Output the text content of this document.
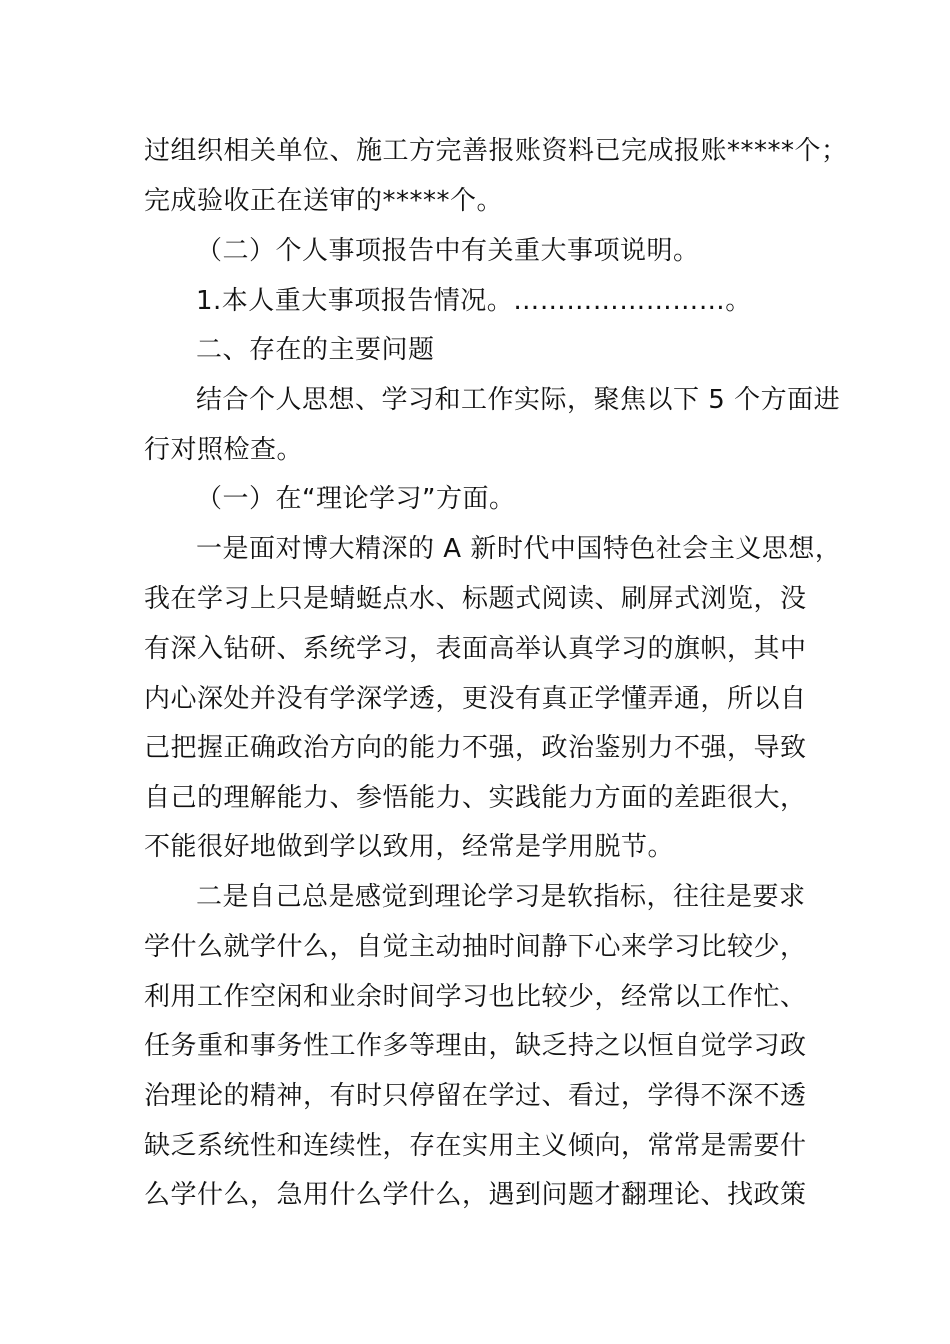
过组织相关单位、施工方完善报账资料已完成报账*****个；
完成验收正在送审的*****个。
（二）个人事项报告中有关重大事项说明。
1.本人重大事项报告情况。……………………。
二、存在的主要问题
结合个人思想、学习和工作实际，聚焦以下 5 个方面进
行对照检查。
（一）在“理论学习”方面。
一是面对博大精深的 A 新时代中国特色社会主义思想，
我在学习上只是蜻蜓点水、标题式阅读、刷屏式浏览，没
有深入钻研、系统学习，表面高举认真学习的旗帜，其中
内心深处并没有学深学透，更没有真正学懂弄通，所以自
己把握正确政治方向的能力不强，政治鉴别力不强，导致
自己的理解能力、参悟能力、实践能力方面的差距很大，
不能很好地做到学以致用，经常是学用脱节。
二是自己总是感觉到理论学习是软指标，往往是要求
学什么就学什么，自觉主动抽时间静下心来学习比较少，
利用工作空闲和业余时间学习也比较少，经常以工作忙、
任务重和事务性工作多等理由，缺乏持之以恒自觉学习政
治理论的精神，有时只停留在学过、看过，学得不深不透
缺乏系统性和连续性，存在实用主义倾向，常常是需要什
么学什么，急用什么学什么，遇到问题才翻理论、找政策
